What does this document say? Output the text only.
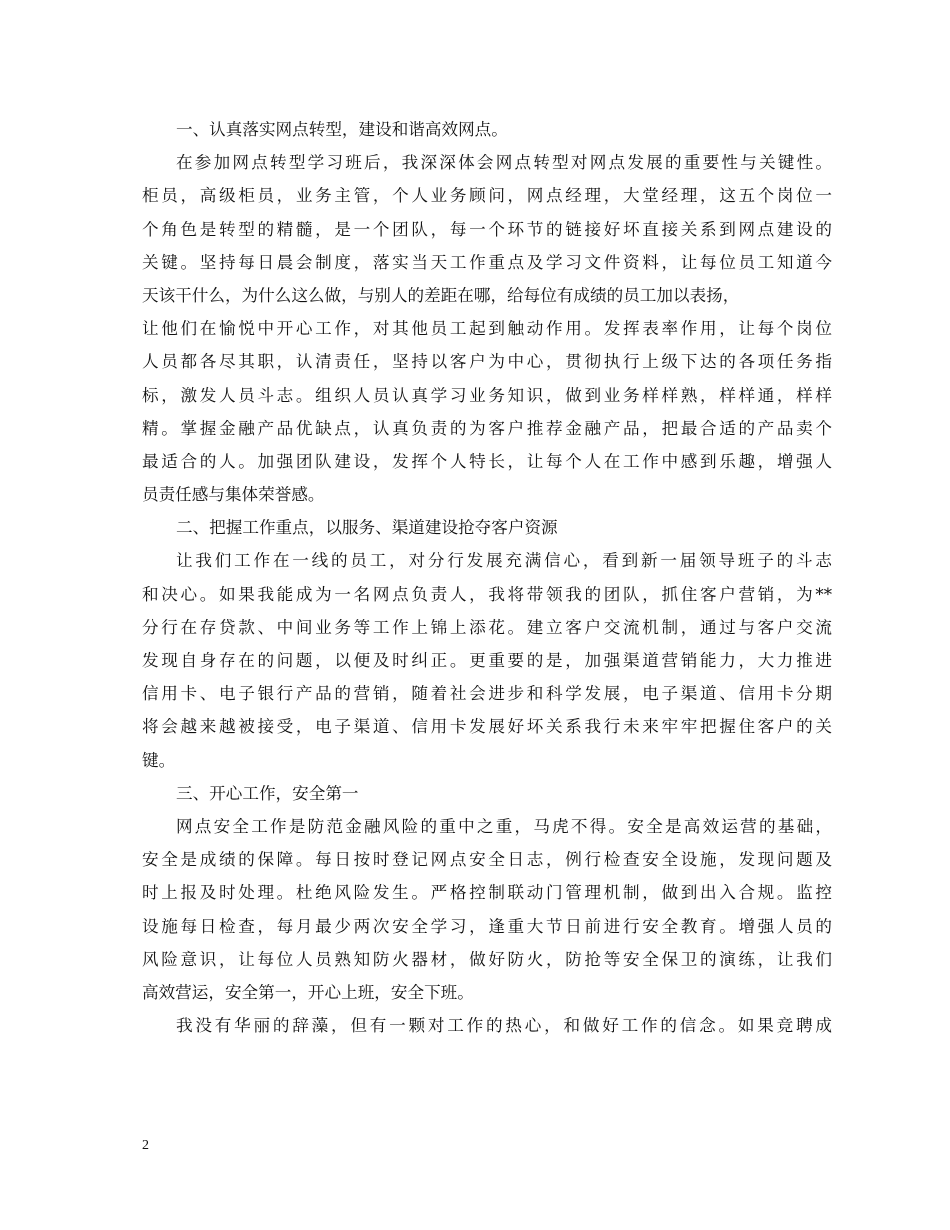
一、认真落实网点转型，建设和谐高效网点。
在参加网点转型学习班后，我深深体会网点转型对网点发展的重要性与关键性。
柜员，高级柜员，业务主管，个人业务顾问，网点经理，大堂经理，这五个岗位一
个角色是转型的精髓，是一个团队，每一个环节的链接好坏直接关系到网点建设的
关键。坚持每日晨会制度，落实当天工作重点及学习文件资料，让每位员工知道今
天该干什么，为什么这么做，与别人的差距在哪，给每位有成绩的员工加以表扬，
让他们在愉悦中开心工作，对其他员工起到触动作用。发挥表率作用，让每个岗位
人员都各尽其职，认清责任，坚持以客户为中心，贯彻执行上级下达的各项任务指
标，激发人员斗志。组织人员认真学习业务知识，做到业务样样熟，样样通，样样
精。掌握金融产品优缺点，认真负责的为客户推荐金融产品，把最合适的产品卖个
最适合的人。加强团队建设，发挥个人特长，让每个人在工作中感到乐趣，增强人
员责任感与集体荣誉感。
二、把握工作重点，以服务、渠道建设抢夺客户资源
让我们工作在一线的员工，对分行发展充满信心，看到新一届领导班子的斗志
和决心。如果我能成为一名网点负责人，我将带领我的团队，抓住客户营销，为**
分行在存贷款、中间业务等工作上锦上添花。建立客户交流机制，通过与客户交流
发现自身存在的问题，以便及时纠正。更重要的是，加强渠道营销能力，大力推进
信用卡、电子银行产品的营销，随着社会进步和科学发展，电子渠道、信用卡分期
将会越来越被接受，电子渠道、信用卡发展好坏关系我行未来牢牢把握住客户的关
键。
三、开心工作，安全第一
网点安全工作是防范金融风险的重中之重，马虎不得。安全是高效运营的基础，
安全是成绩的保障。每日按时登记网点安全日志，例行检查安全设施，发现问题及
时上报及时处理。杜绝风险发生。严格控制联动门管理机制，做到出入合规。监控
设施每日检查，每月最少两次安全学习，逢重大节日前进行安全教育。增强人员的
风险意识，让每位人员熟知防火器材，做好防火，防抢等安全保卫的演练，让我们
高效营运，安全第一，开心上班，安全下班。
我没有华丽的辞藻，但有一颗对工作的热心，和做好工作的信念。如果竞聘成
2
